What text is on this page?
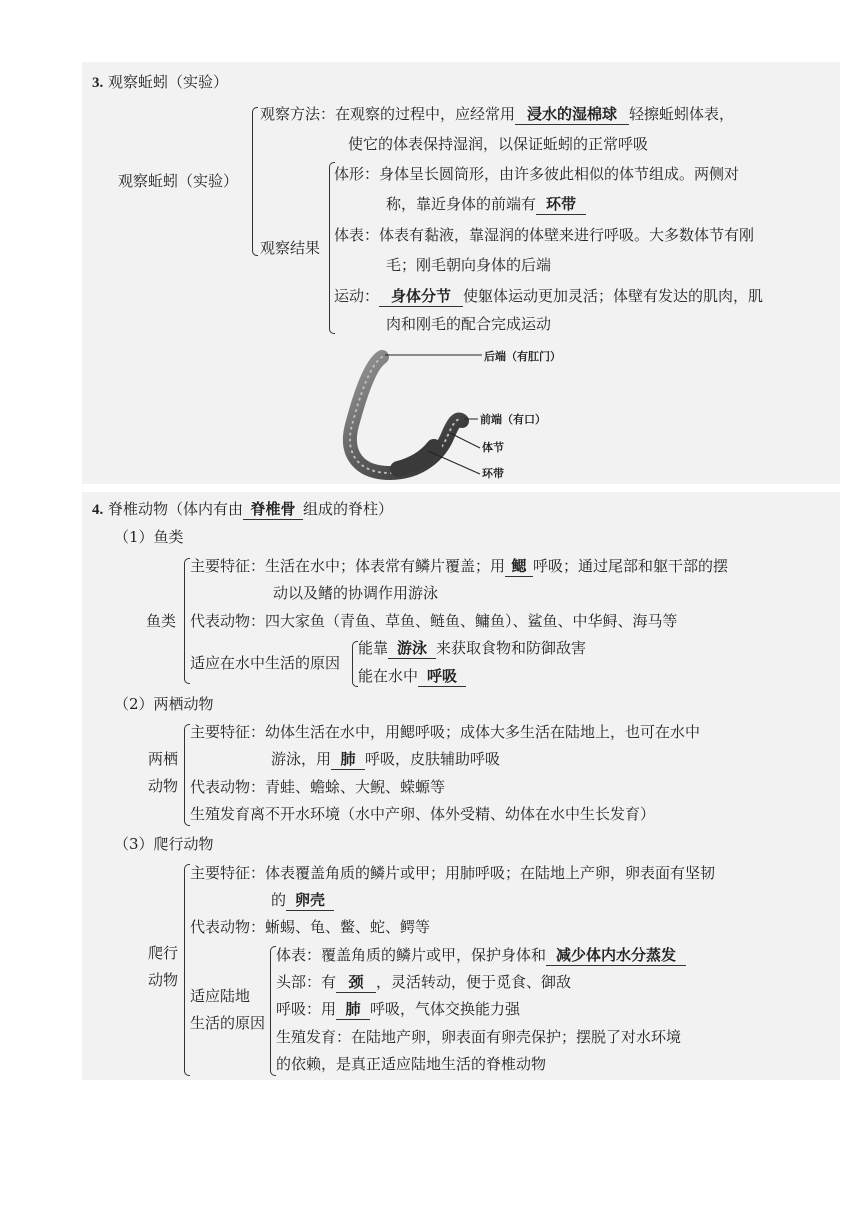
3. 观察蚯蚓（实验）
观察蚯蚓（实验）
观察方法：在观察的过程中，应经常用 浸水的湿棉球 轻擦蚯蚓体表，
使它的体表保持湿润，以保证蚯蚓的正常呼吸
观察结果
体形：身体呈长圆筒形，由许多彼此相似的体节组成。两侧对
称，靠近身体的前端有 环带
体表：体表有黏液，靠湿润的体壁来进行呼吸。大多数体节有刚
毛；刚毛朝向身体的后端
运动： 身体分节 使躯体运动更加灵活；体壁有发达的肌肉，肌
肉和刚毛的配合完成运动
后端（有肛门）
前端（有口）
体节
环带
4. 脊椎动物（体内有由 脊椎骨 组成的脊柱）
（1）鱼类
鱼类
主要特征：生活在水中；体表常有鳞片覆盖；用 鳃 呼吸；通过尾部和躯干部的摆
动以及鳍的协调作用游泳
代表动物：四大家鱼（青鱼、草鱼、鲢鱼、鳙鱼）、鲨鱼、中华鲟、海马等
适应在水中生活的原因
能靠 游泳 来获取食物和防御敌害
能在水中 呼吸
（2）两栖动物
两栖
动物
主要特征：幼体生活在水中，用鳃呼吸；成体大多生活在陆地上，也可在水中
游泳，用 肺 呼吸，皮肤辅助呼吸
代表动物：青蛙、蟾蜍、大鲵、蝾螈等
生殖发育离不开水环境（水中产卵、体外受精、幼体在水中生长发育）
（3）爬行动物
爬行
动物
主要特征：体表覆盖角质的鳞片或甲；用肺呼吸；在陆地上产卵，卵表面有坚韧
的 卵壳
代表动物：蜥蜴、龟、鳖、蛇、鳄等
适应陆地
生活的原因
体表：覆盖角质的鳞片或甲，保护身体和 减少体内水分蒸发
头部：有 颈 ，灵活转动，便于觅食、御敌
呼吸：用 肺 呼吸，气体交换能力强
生殖发育：在陆地产卵，卵表面有卵壳保护；摆脱了对水环境
的依赖，是真正适应陆地生活的脊椎动物
